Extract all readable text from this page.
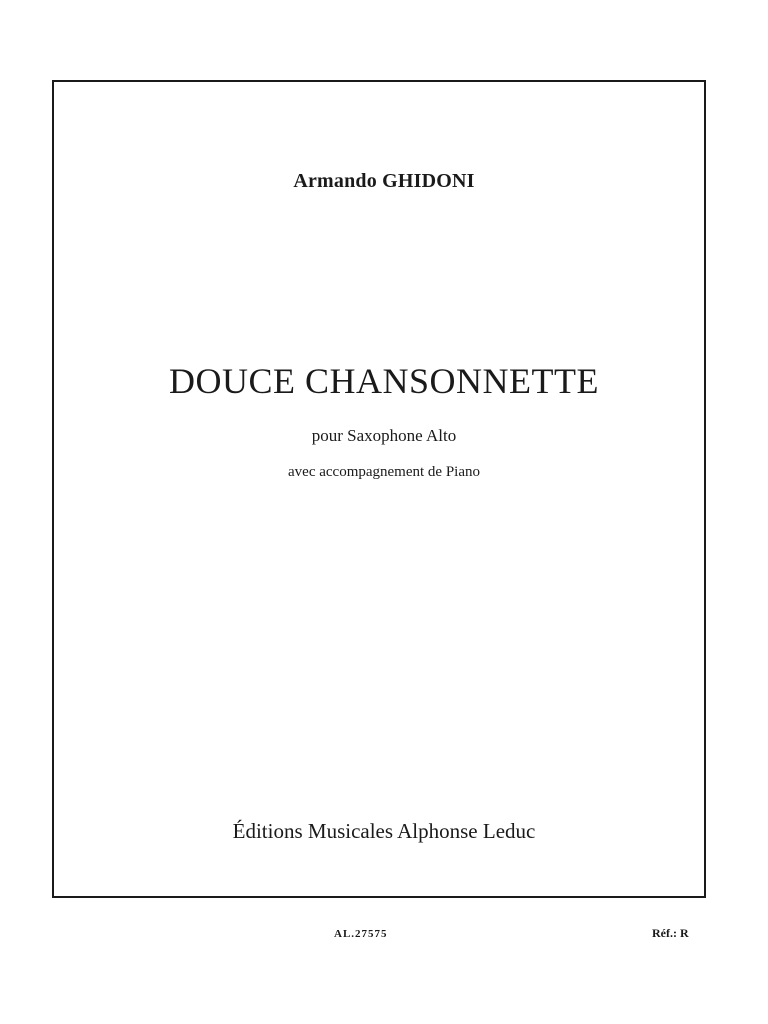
Armando GHIDONI
DOUCE CHANSONNETTE
pour Saxophone Alto
avec accompagnement de Piano
Éditions Musicales Alphonse Leduc
AL.27575	Réf.: R
